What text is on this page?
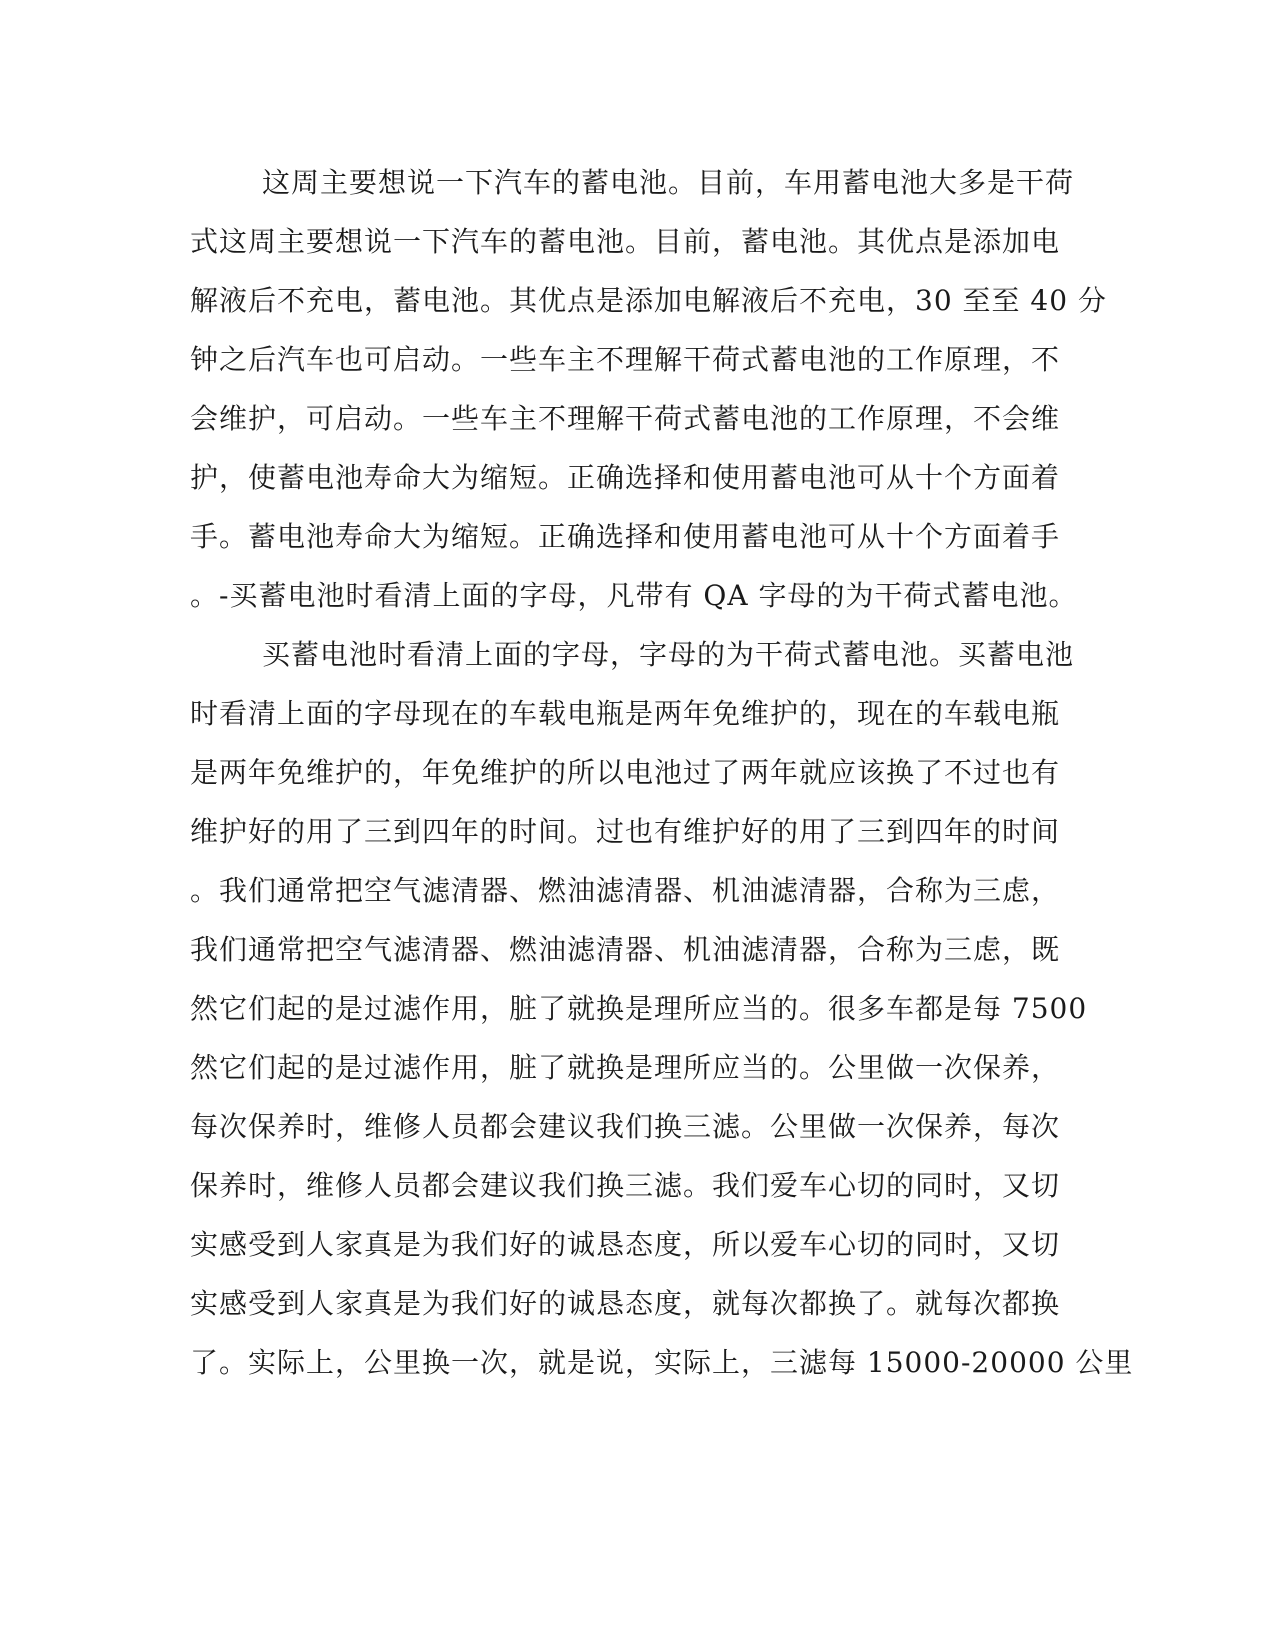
这周主要想说一下汽车的蓄电池。目前，车用蓄电池大多是干荷

式这周主要想说一下汽车的蓄电池。目前，蓄电池。其优点是添加电

解液后不充电，蓄电池。其优点是添加电解液后不充电，30 至至 40 分

钟之后汽车也可启动。一些车主不理解干荷式蓄电池的工作原理，不

会维护，可启动。一些车主不理解干荷式蓄电池的工作原理，不会维

护，使蓄电池寿命大为缩短。正确选择和使用蓄电池可从十个方面着

手。蓄电池寿命大为缩短。正确选择和使用蓄电池可从十个方面着手

。-买蓄电池时看清上面的字母，凡带有 QA 字母的为干荷式蓄电池。

买蓄电池时看清上面的字母，字母的为干荷式蓄电池。买蓄电池

时看清上面的字母现在的车载电瓶是两年免维护的，现在的车载电瓶

是两年免维护的，年免维护的所以电池过了两年就应该换了不过也有

维护好的用了三到四年的时间。过也有维护好的用了三到四年的时间

。我们通常把空气滤清器、燃油滤清器、机油滤清器，合称为三虑，

我们通常把空气滤清器、燃油滤清器、机油滤清器，合称为三虑，既

然它们起的是过滤作用，脏了就换是理所应当的。很多车都是每 7500

然它们起的是过滤作用，脏了就换是理所应当的。公里做一次保养，

每次保养时，维修人员都会建议我们换三滤。公里做一次保养，每次

保养时，维修人员都会建议我们换三滤。我们爱车心切的同时，又切

实感受到人家真是为我们好的诚恳态度，所以爱车心切的同时，又切

实感受到人家真是为我们好的诚恳态度，就每次都换了。就每次都换

了。实际上，公里换一次，就是说，实际上，三滤每 15000-20000 公里
